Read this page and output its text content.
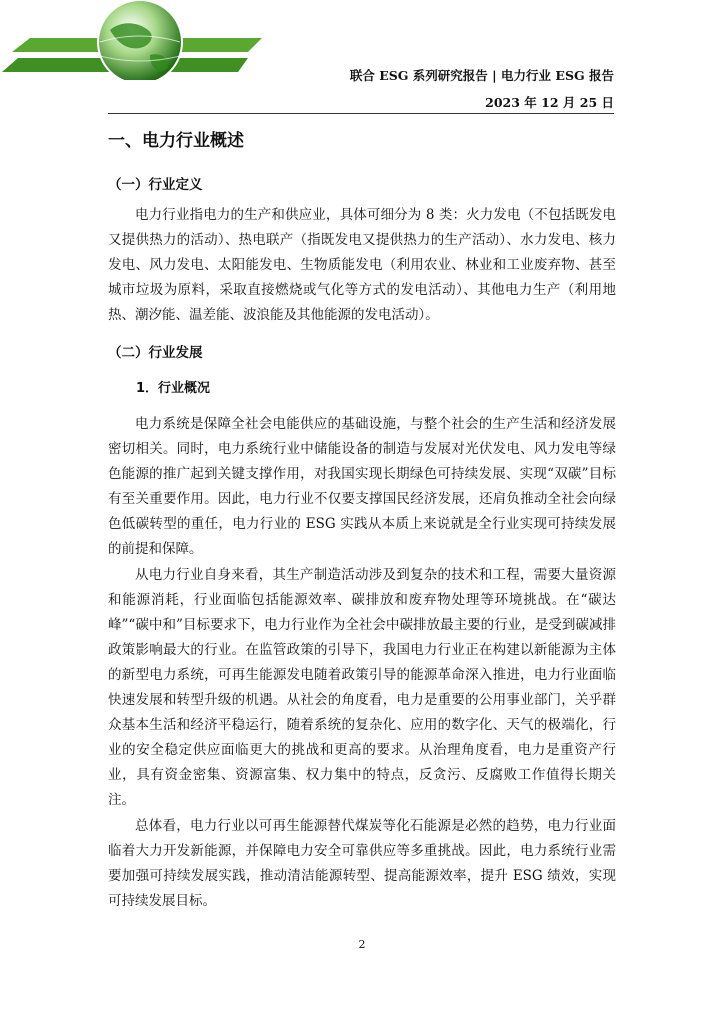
联合 ESG 系列研究报告 | 电力行业 ESG 报告
2023 年 12 月 25 日
一、电力行业概述
（一）行业定义

电力行业指电力的生产和供应业，具体可细分为 8 类：火力发电（不包括既发电又提供热力的活动）、热电联产（指既发电又提供热力的生产活动）、水力发电、核力发电、风力发电、太阳能发电、生物质能发电（利用农业、林业和工业废弃物、甚至城市垃圾为原料，采取直接燃烧或气化等方式的发电活动）、其他电力生产（利用地热、潮汐能、温差能、波浪能及其他能源的发电活动）。

（二）行业发展
1．行业概况

电力系统是保障全社会电能供应的基础设施，与整个社会的生产生活和经济发展密切相关。同时，电力系统行业中储能设备的制造与发展对光伏发电、风力发电等绿色能源的推广起到关键支撑作用，对我国实现长期绿色可持续发展、实现“双碳”目标有至关重要作用。因此，电力行业不仅要支撑国民经济发展，还肩负推动全社会向绿色低碳转型的重任，电力行业的 ESG 实践从本质上来说就是全行业实现可持续发展的前提和保障。

从电力行业自身来看，其生产制造活动涉及到复杂的技术和工程，需要大量资源和能源消耗，行业面临包括能源效率、碳排放和废弃物处理等环境挑战。在“碳达峰”“碳中和”目标要求下，电力行业作为全社会中碳排放最主要的行业，是受到碳减排政策影响最大的行业。在监管政策的引导下，我国电力行业正在构建以新能源为主体的新型电力系统，可再生能源发电随着政策引导的能源革命深入推进，电力行业面临快速发展和转型升级的机遇。从社会的角度看，电力是重要的公用事业部门，关乎群众基本生活和经济平稳运行，随着系统的复杂化、应用的数字化、天气的极端化，行业的安全稳定供应面临更大的挑战和更高的要求。从治理角度看，电力是重资产行业，具有资金密集、资源富集、权力集中的特点，反贪污、反腐败工作值得长期关注。

总体看，电力行业以可再生能源替代煤炭等化石能源是必然的趋势，电力行业面临着大力开发新能源，并保障电力安全可靠供应等多重挑战。因此，电力系统行业需要加强可持续发展实践，推动清洁能源转型、提高能源效率，提升 ESG 绩效，实现可持续发展目标。

2
